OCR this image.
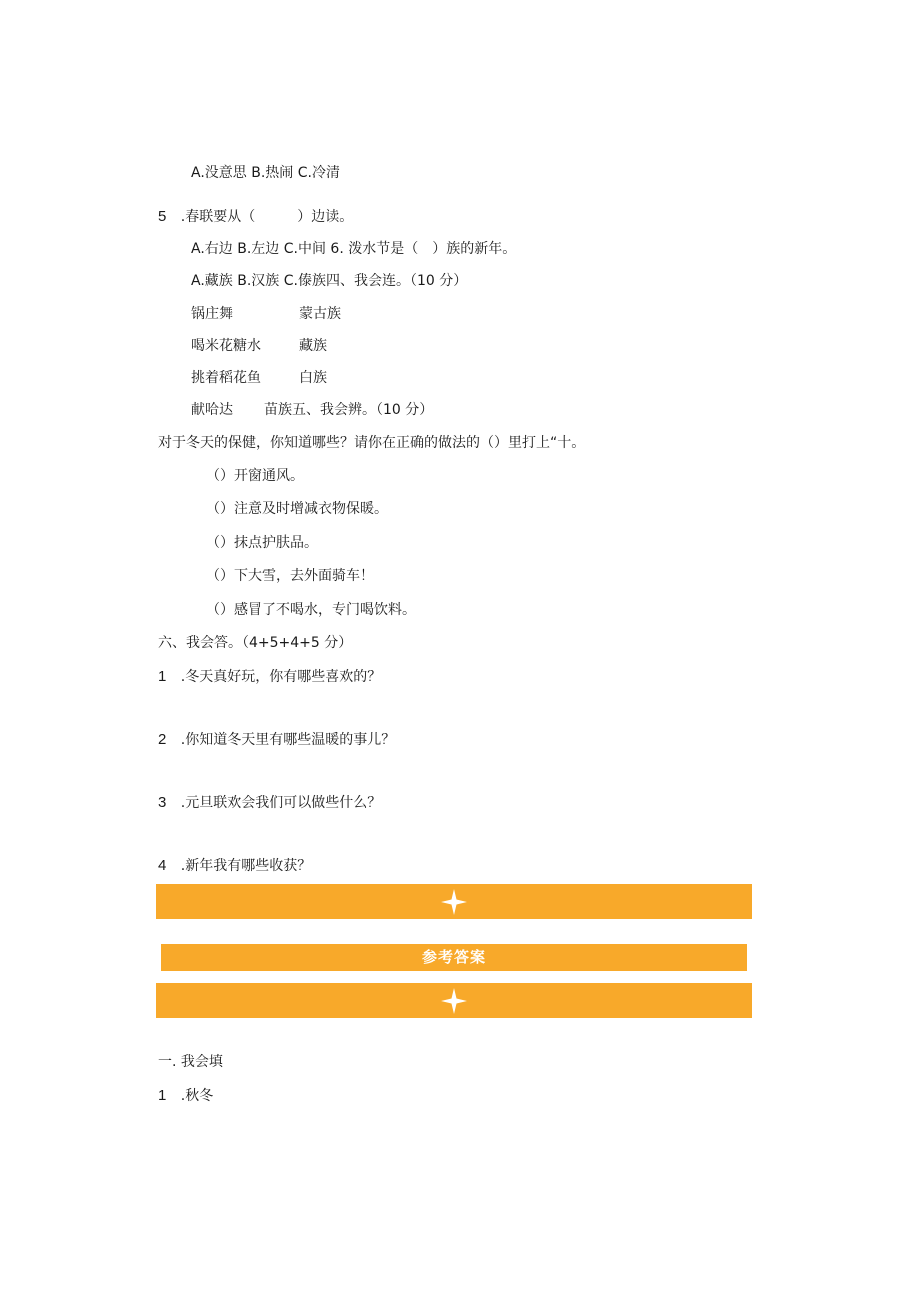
A.没意思 B.热闹 C.冷清
5 .春联要从（　　　）边读。
A.右边 B.左边 C.中间 6. 泼水节是（　）族的新年。
A.藏族 B.汉族 C.傣族四、我会连。（10 分）
锅庄舞	蒙古族
喝米花糖水	藏族
挑着稻花鱼	白族
献哈达 苗族五、我会辨。（10 分）
对于冬天的保健，你知道哪些？请你在正确的做法的（）里打上“十。
（）开窗通风。
（）注意及时增减衣物保暖。
（）抹点护肤品。
（）下大雪，去外面骑车！
（）感冒了不喝水，专门喝饮料。
六、我会答。（4+5+4+5 分）
1 .冬天真好玩，你有哪些喜欢的？
2 .你知道冬天里有哪些温暖的事儿？
3 .元旦联欢会我们可以做些什么？
4 .新年我有哪些收获？
参考答案
一. 我会填
1 .秋冬
